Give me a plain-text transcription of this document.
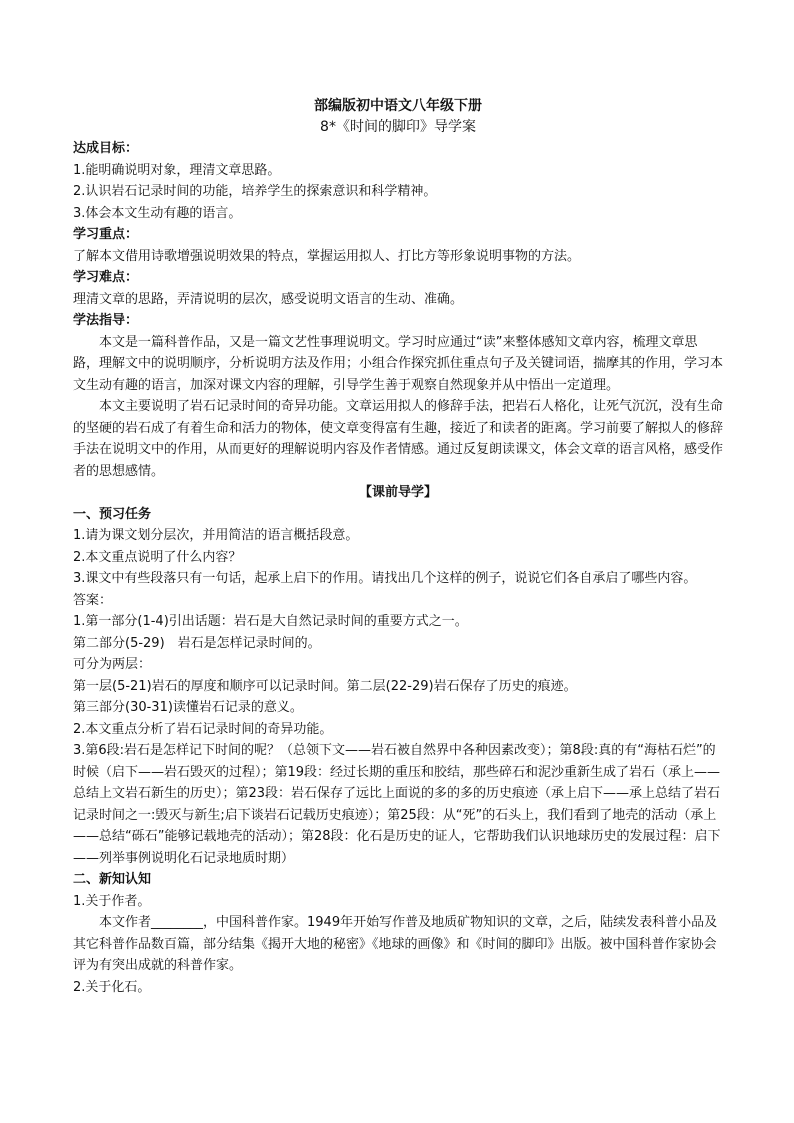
部编版初中语文八年级下册

8*《时间的脚印》导学案

达成目标：

1.能明确说明对象，理清文章思路。

2.认识岩石记录时间的功能，培养学生的探索意识和科学精神。

3.体会本文生动有趣的语言。

学习重点：

了解本文借用诗歌增强说明效果的特点，掌握运用拟人、打比方等形象说明事物的方法。

学习难点：

理清文章的思路，弄清说明的层次，感受说明文语言的生动、准确。

学法指导：

本文是一篇科普作品，又是一篇文艺性事理说明文。学习时应通过“读”来整体感知文章内容，梳理文章思路，理解文中的说明顺序，分析说明方法及作用；小组合作探究抓住重点句子及关键词语，揣摩其的作用，学习本文生动有趣的语言，加深对课文内容的理解，引导学生善于观察自然现象并从中悟出一定道理。

本文主要说明了岩石记录时间的奇异功能。文章运用拟人的修辞手法，把岩石人格化，让死气沉沉，没有生命的坚硬的岩石成了有着生命和活力的物体，使文章变得富有生趣，接近了和读者的距离。学习前要了解拟人的修辞手法在说明文中的作用，从而更好的理解说明内容及作者情感。通过反复朗读课文，体会文章的语言风格，感受作者的思想感情。

【课前导学】

一、预习任务

1.请为课文划分层次，并用简洁的语言概括段意。

2.本文重点说明了什么内容？

3.课文中有些段落只有一句话，起承上启下的作用。请找出几个这样的例子，说说它们各自承启了哪些内容。

答案：

1.第一部分(1-4)引出话题：岩石是大自然记录时间的重要方式之一。

第二部分(5-29)　岩石是怎样记录时间的。

可分为两层：

第一层(5-21)岩石的厚度和顺序可以记录时间。第二层(22-29)岩石保存了历史的痕迹。

第三部分(30-31)读懂岩石记录的意义。

2.本文重点分析了岩石记录时间的奇异功能。

3.第6段:岩石是怎样记下时间的呢？（总领下文——岩石被自然界中各种因素改变）；第8段:真的有“海枯石烂”的时候（启下——岩石毁灭的过程）；第19段：经过长期的重压和胶结，那些碎石和泥沙重新生成了岩石（承上——总结上文岩石新生的历史）；第23段：岩石保存了远比上面说的多的多的历史痕迹（承上启下——承上总结了岩石记录时间之一:毁灭与新生;启下谈岩石记载历史痕迹）；第25段：从“死”的石头上，我们看到了地壳的活动（承上——总结“砾石”能够记载地壳的活动）；第28段：化石是历史的证人，它帮助我们认识地球历史的发展过程：启下——列举事例说明化石记录地质时期）

二、新知认知

1.关于作者。

本文作者________，中国科普作家。1949年开始写作普及地质矿物知识的文章，之后，陆续发表科普小品及其它科普作品数百篇，部分结集《揭开大地的秘密》《地球的画像》和《时间的脚印》出版。被中国科普作家协会评为有突出成就的科普作家。

2.关于化石。
